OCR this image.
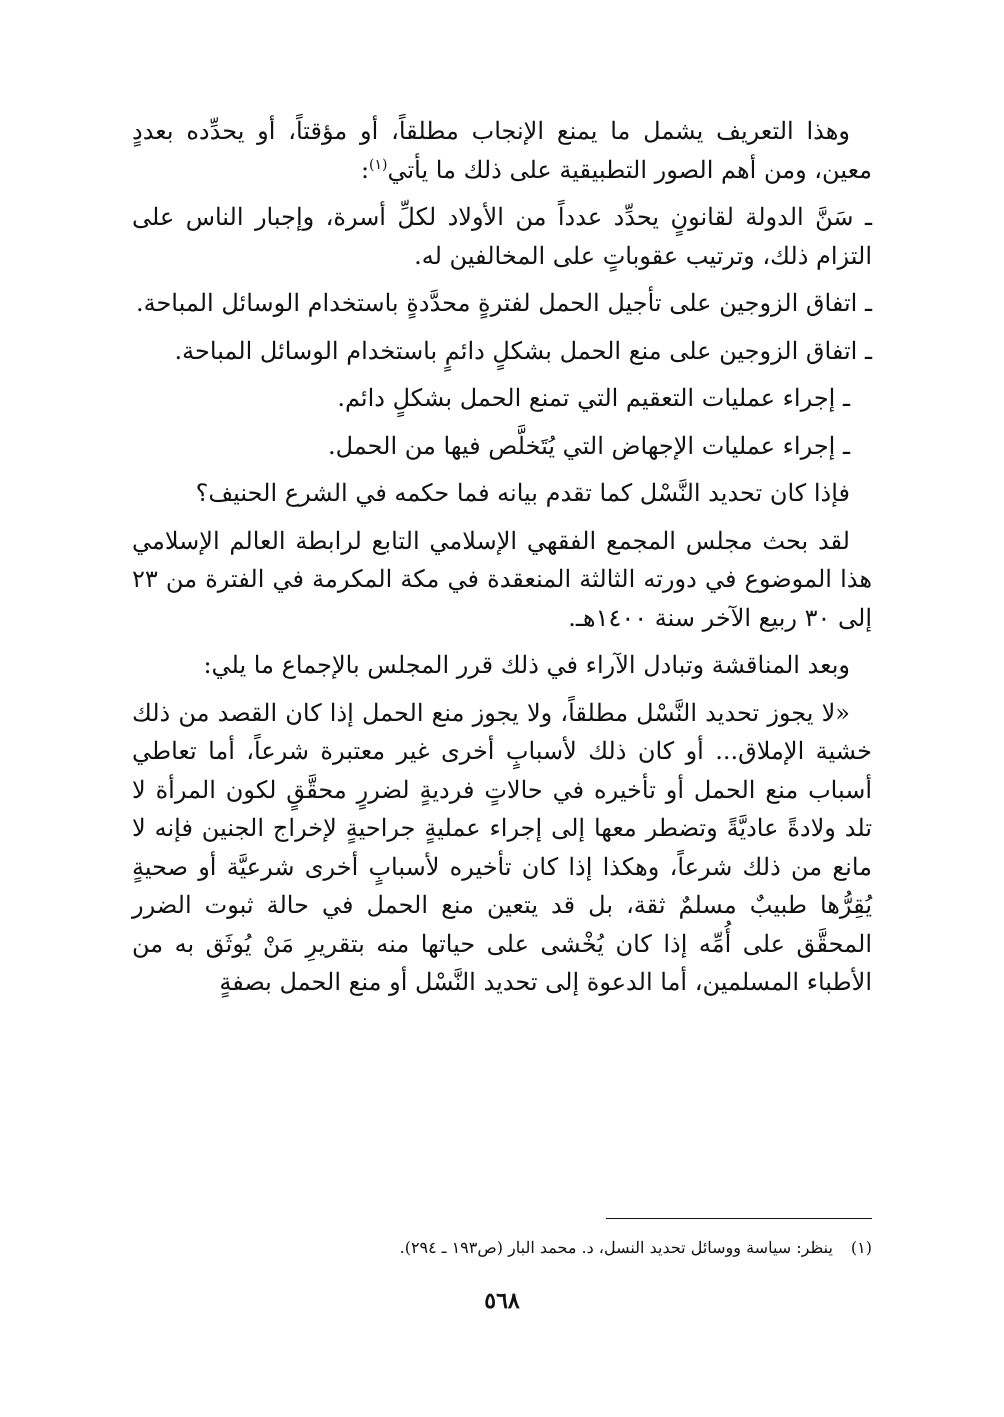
وهذا التعريف يشمل ما يمنع الإنجاب مطلقاً، أو مؤقتاً، أو يحدِّده بعددٍ معين، ومن أهم الصور التطبيقية على ذلك ما يأتي$^{(١)}$:

ـ سَنَّ الدولة لقانونٍ يحدِّد عدداً من الأولاد لكلِّ أسرة، وإجبار الناس على التزام ذلك، وترتيب عقوباتٍ على المخالفين له.

ـ اتفاق الزوجين على تأجيل الحمل لفترةٍ محدَّدةٍ باستخدام الوسائل المباحة.

ـ اتفاق الزوجين على منع الحمل بشكلٍ دائمٍ باستخدام الوسائل المباحة.

ـ إجراء عمليات التعقيم التي تمنع الحمل بشكلٍ دائم.

ـ إجراء عمليات الإجهاض التي يُتَخلَّص فيها من الحمل.

فإذا كان تحديد النَّسْل كما تقدم بيانه فما حكمه في الشرع الحنيف؟

لقد بحث مجلس المجمع الفقهي الإسلامي التابع لرابطة العالم الإسلامي هذا الموضوع في دورته الثالثة المنعقدة في مكة المكرمة في الفترة من ٢٣ إلى ٣٠ ربيع الآخر سنة ١٤٠٠هـ.

وبعد المناقشة وتبادل الآراء في ذلك قرر المجلس بالإجماع ما يلي:

«لا يجوز تحديد النَّسْل مطلقاً، ولا يجوز منع الحمل إذا كان القصد من ذلك خشية الإملاق... أو كان ذلك لأسبابٍ أخرى غير معتبرة شرعاً، أما تعاطي أسباب منع الحمل أو تأخيره في حالاتٍ فرديةٍ لضررٍ محقَّقٍ لكون المرأة لا تلد ولادةً عاديَّةً وتضطر معها إلى إجراء عمليةٍ جراحيةٍ لإخراج الجنين فإنه لا مانع من ذلك شرعاً، وهكذا إذا كان تأخيره لأسبابٍ أخرى شرعيَّة أو صحيةٍ يُقِرُّها طبيبٌ مسلمٌ ثقة، بل قد يتعين منع الحمل في حالة ثبوت الضرر المحقَّق على أُمِّه إذا كان يُخْشى على حياتها منه بتقريرِ مَنْ يُوثَق به من الأطباء المسلمين، أما الدعوة إلى تحديد النَّسْل أو منع الحمل بصفةٍ

(١)ينظر: سياسة ووسائل تحديد النسل، د. محمد البار (ص١٩٣ ـ ٢٩٤).
٥٦٨
